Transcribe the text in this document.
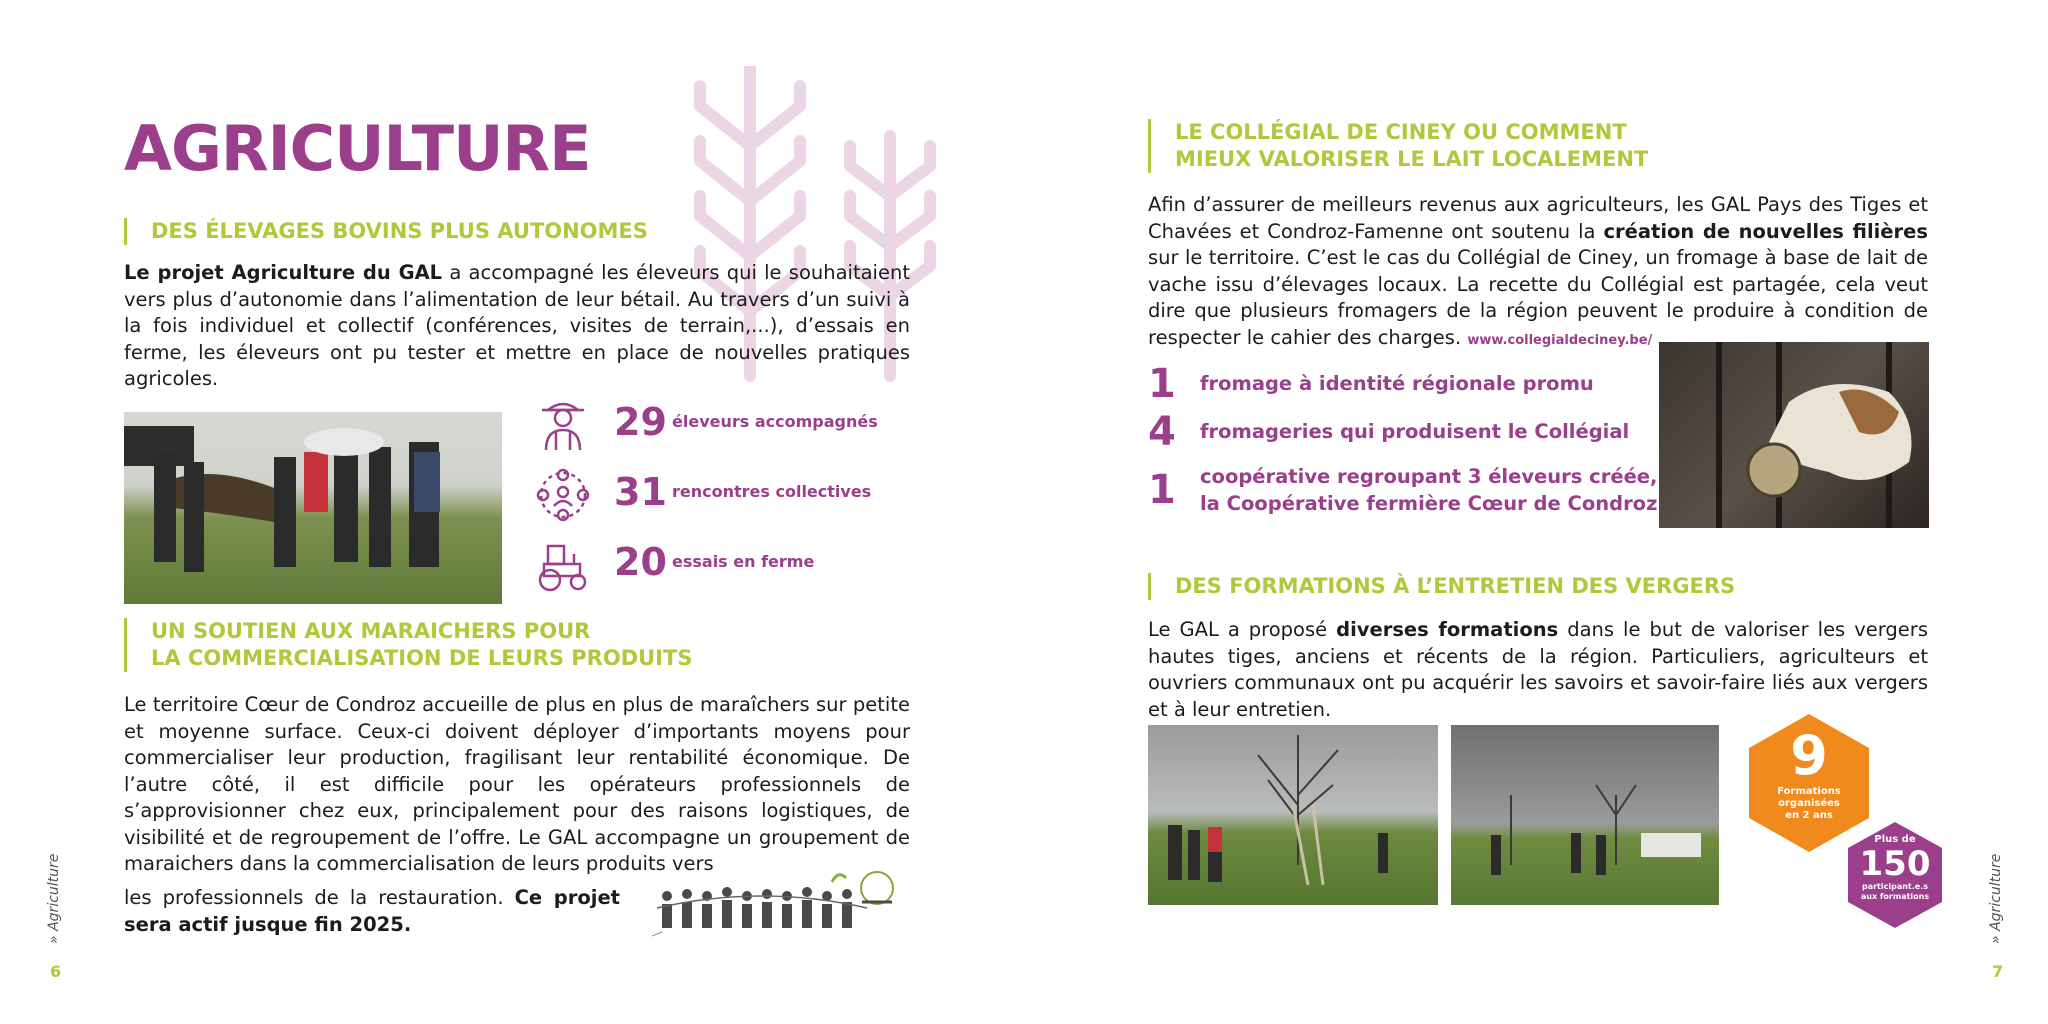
AGRICULTURE
DES ÉLEVAGES BOVINS PLUS AUTONOMES

Le projet Agriculture du GAL a accompagné les éleveurs qui le souhaitaient vers plus d’autonomie dans l’alimentation de leur bétail. Au travers d’un suivi à la fois individuel et collectif (conférences, visites de terrain,...), d’essais en ferme, les éleveurs ont pu tester et mettre en place de nouvelles pratiques agricoles.

29 éleveurs accompagnés
31 rencontres collectives
20 essais en ferme
UN SOUTIEN AUX MARAICHERS POUR
LA COMMERCIALISATION DE LEURS PRODUITS

Le territoire Cœur de Condroz accueille de plus en plus de maraîchers sur petite et moyenne surface. Ceux-ci doivent déployer d’importants moyens pour commercialiser leur production, fragilisant leur rentabilité économique. De l’autre côté, il est difficile pour les opérateurs professionnels de s’approvisionner chez eux, principalement pour des raisons logistiques, de visibilité et de regroupement de l’offre. Le GAL accompagne un groupement de maraichers dans la commercialisation de leurs produits vers

les professionnels de la restauration. Ce projet sera actif jusque fin 2025.

6
» Agriculture
LE COLLÉGIAL DE CINEY OU COMMENT
MIEUX VALORISER LE LAIT LOCALEMENT

Afin d’assurer de meilleurs revenus aux agriculteurs, les GAL Pays des Tiges et Chavées et Condroz-Famenne ont soutenu la création de nouvelles filières sur le territoire. C’est le cas du Collégial de Ciney, un fromage à base de lait de vache issu d’élevages locaux. La recette du Collégial est partagée, cela veut dire que plusieurs fromagers de la région peuvent le produire à condition de respecter le cahier des charges. www.collegialdeciney.be/

1 fromage à identité régionale promu
4 fromageries qui produisent le Collégial
1 coopérative regroupant 3 éleveurs créée,
la Coopérative fermière Cœur de Condroz
DES FORMATIONS À L’ENTRETIEN DES VERGERS

Le GAL a proposé diverses formations dans le but de valoriser les vergers hautes tiges, anciens et récents de la région. Particuliers, agriculteurs et ouvriers communaux ont pu acquérir les savoirs et savoir-faire liés aux vergers et à leur entretien.

9
Formations
organisées
en 2 ans
Plus de
150
participant.e.s
aux formations
7
» Agriculture
